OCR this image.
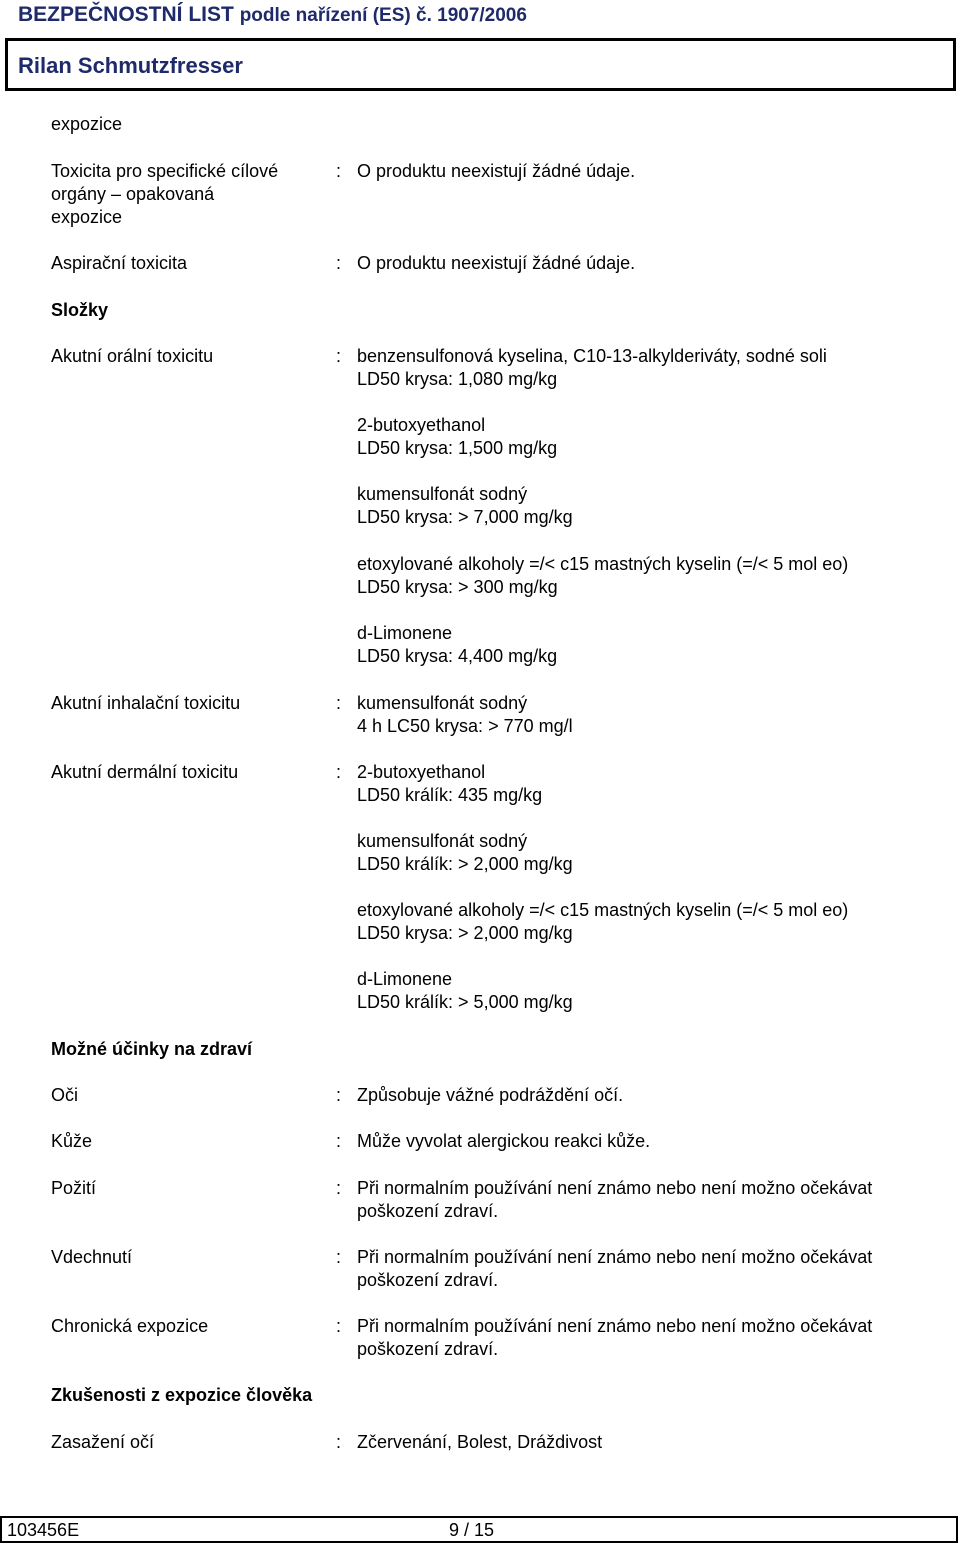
BEZPEČNOSTNÍ LIST podle nařízení (ES) č. 1907/2006
Rilan Schmutzfresser
expozice
Toxicita pro specifické cílové
orgány – opakovaná
expozice
: O produktu neexistují žádné údaje.
Aspirační toxicita	: O produktu neexistují žádné údaje.
Složky
Akutní orální toxicitu	: benzensulfonová kyselina, C10-13-alkylderiváty, sodné soli
LD50 krysa: 1,080 mg/kg
2-butoxyethanol
LD50 krysa: 1,500 mg/kg
kumensulfonát sodný
LD50 krysa: > 7,000 mg/kg
etoxylované alkoholy =/< c15 mastných kyselin (=/< 5 mol eo)
LD50 krysa: > 300 mg/kg
d-Limonene
LD50 krysa: 4,400 mg/kg
Akutní inhalační toxicitu	: kumensulfonát sodný
4 h LC50 krysa: > 770 mg/l
Akutní dermální toxicitu	: 2-butoxyethanol
LD50 králík: 435 mg/kg
kumensulfonát sodný
LD50 králík: > 2,000 mg/kg
etoxylované alkoholy =/< c15 mastných kyselin (=/< 5 mol eo)
LD50 krysa: > 2,000 mg/kg
d-Limonene
LD50 králík: > 5,000 mg/kg
Možné účinky na zdraví
Oči	: Způsobuje vážné podráždění očí.
Kůže	: Může vyvolat alergickou reakci kůže.
Požití	: Při normalním používání není známo nebo není možno očekávat
poškození zdraví.
Vdechnutí	: Při normalním používání není známo nebo není možno očekávat
poškození zdraví.
Chronická expozice	: Při normalním používání není známo nebo není možno očekávat
poškození zdraví.
Zkušenosti z expozice člověka
Zasažení očí	: Zčervenání, Bolest, Dráždivost
103456E	9 / 15
